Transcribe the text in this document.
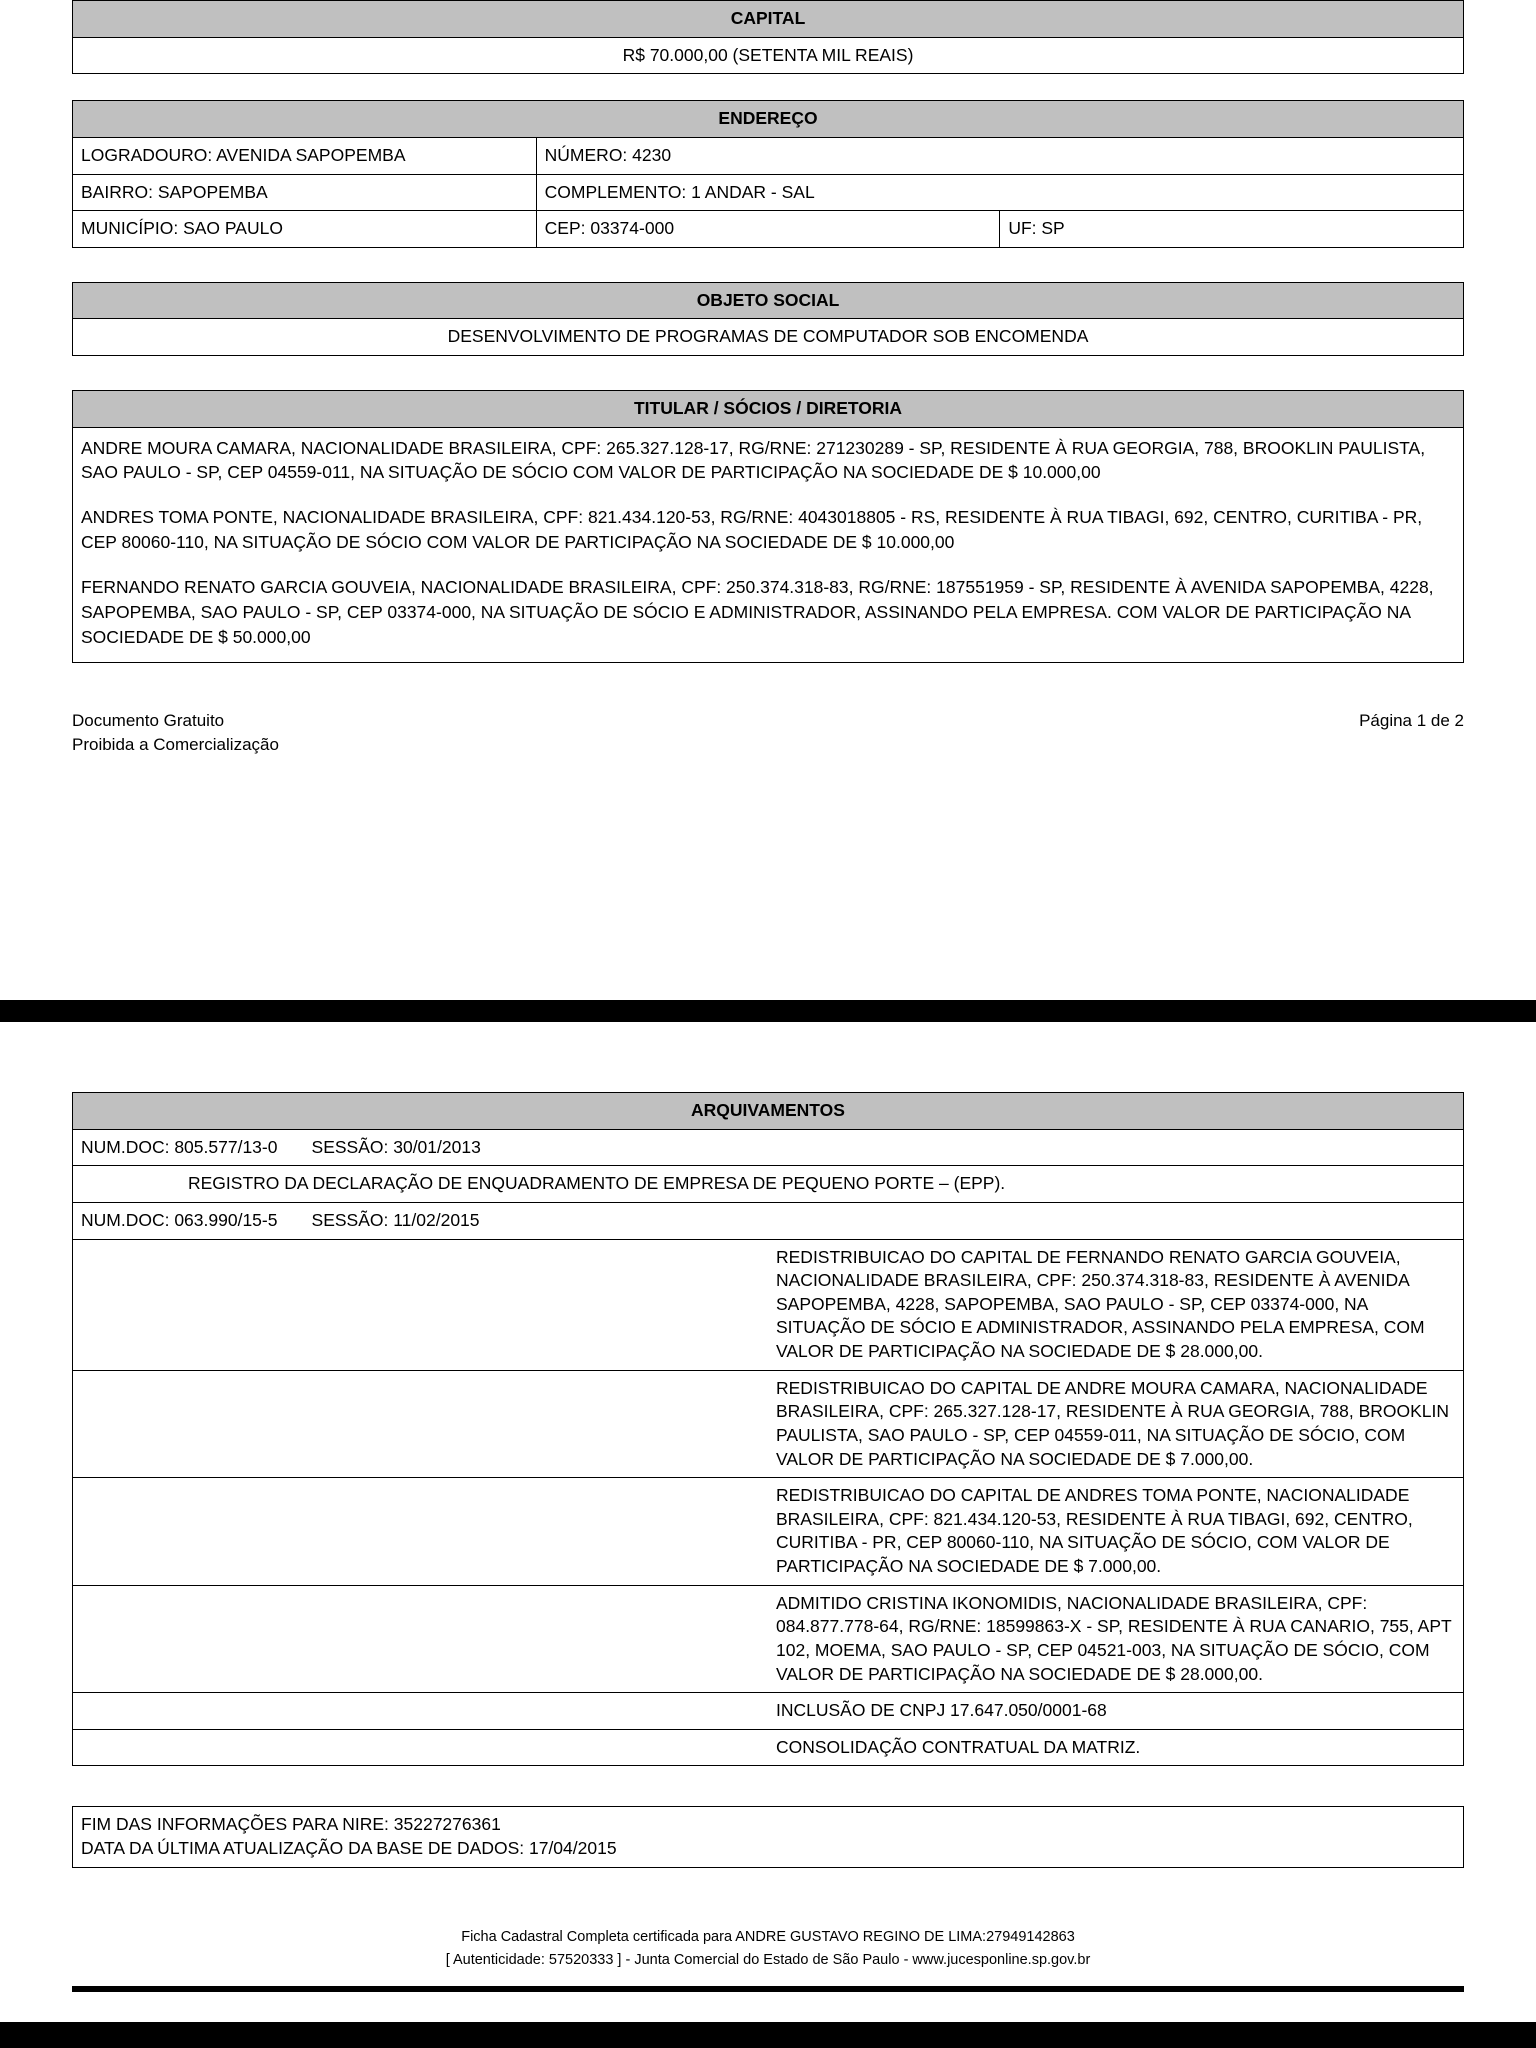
CAPITAL
R$ 70.000,00 (SETENTA MIL REAIS)
ENDEREÇO		
LOGRADOURO: AVENIDA SAPOPEMBA	NÚMERO: 4230	
BAIRRO: SAPOPEMBA	COMPLEMENTO: 1 ANDAR - SAL	
MUNICÍPIO: SAO PAULO	CEP: 03374-000	UF: SP
OBJETO SOCIAL
DESENVOLVIMENTO DE PROGRAMAS DE COMPUTADOR SOB ENCOMENDA
TITULAR / SÓCIOS / DIRETORIA

ANDRE MOURA CAMARA, NACIONALIDADE BRASILEIRA, CPF: 265.327.128-17, RG/RNE: 271230289 - SP, RESIDENTE À RUA GEORGIA, 788, BROOKLIN PAULISTA, SAO PAULO - SP, CEP 04559-011, NA SITUAÇÃO DE SÓCIO COM VALOR DE PARTICIPAÇÃO NA SOCIEDADE DE $ 10.000,00

ANDRES TOMA PONTE, NACIONALIDADE BRASILEIRA, CPF: 821.434.120-53, RG/RNE: 4043018805 - RS, RESIDENTE À RUA TIBAGI, 692, CENTRO, CURITIBA - PR, CEP 80060-110, NA SITUAÇÃO DE SÓCIO COM VALOR DE PARTICIPAÇÃO NA SOCIEDADE DE $ 10.000,00

FERNANDO RENATO GARCIA GOUVEIA, NACIONALIDADE BRASILEIRA, CPF: 250.374.318-83, RG/RNE: 187551959 - SP, RESIDENTE À AVENIDA SAPOPEMBA, 4228, SAPOPEMBA, SAO PAULO - SP, CEP 03374-000, NA SITUAÇÃO DE SÓCIO E ADMINISTRADOR, ASSINANDO PELA EMPRESA. COM VALOR DE PARTICIPAÇÃO NA SOCIEDADE DE $ 50.000,00

Documento Gratuito
Proibida a Comercialização
Página 1 de 2
ARQUIVAMENTOS	
NUM.DOC: 805.577/13-0 SESSÃO: 30/01/2013	
REGISTRO DA DECLARAÇÃO DE ENQUADRAMENTO DE EMPRESA DE PEQUENO PORTE – (EPP).	
NUM.DOC: 063.990/15-5 SESSÃO: 11/02/2015	
	REDISTRIBUICAO DO CAPITAL DE FERNANDO RENATO GARCIA GOUVEIA, NACIONALIDADE BRASILEIRA, CPF: 250.374.318-83, RESIDENTE À AVENIDA SAPOPEMBA, 4228, SAPOPEMBA, SAO PAULO - SP, CEP 03374-000, NA SITUAÇÃO DE SÓCIO E ADMINISTRADOR, ASSINANDO PELA EMPRESA, COM VALOR DE PARTICIPAÇÃO NA SOCIEDADE DE $ 28.000,00.
	REDISTRIBUICAO DO CAPITAL DE ANDRE MOURA CAMARA, NACIONALIDADE BRASILEIRA, CPF: 265.327.128-17, RESIDENTE À RUA GEORGIA, 788, BROOKLIN PAULISTA, SAO PAULO - SP, CEP 04559-011, NA SITUAÇÃO DE SÓCIO, COM VALOR DE PARTICIPAÇÃO NA SOCIEDADE DE $ 7.000,00.
	REDISTRIBUICAO DO CAPITAL DE ANDRES TOMA PONTE, NACIONALIDADE BRASILEIRA, CPF: 821.434.120-53, RESIDENTE À RUA TIBAGI, 692, CENTRO, CURITIBA - PR, CEP 80060-110, NA SITUAÇÃO DE SÓCIO, COM VALOR DE PARTICIPAÇÃO NA SOCIEDADE DE $ 7.000,00.
	ADMITIDO CRISTINA IKONOMIDIS, NACIONALIDADE BRASILEIRA, CPF: 084.877.778-64, RG/RNE: 18599863-X - SP, RESIDENTE À RUA CANARIO, 755, APT 102, MOEMA, SAO PAULO - SP, CEP 04521-003, NA SITUAÇÃO DE SÓCIO, COM VALOR DE PARTICIPAÇÃO NA SOCIEDADE DE $ 28.000,00.
	INCLUSÃO DE CNPJ 17.647.050/0001-68
	CONSOLIDAÇÃO CONTRATUAL DA MATRIZ.
FIM DAS INFORMAÇÕES PARA NIRE: 35227276361
DATA DA ÚLTIMA ATUALIZAÇÃO DA BASE DE DADOS: 17/04/2015
Ficha Cadastral Completa certificada para ANDRE GUSTAVO REGINO DE LIMA:27949142863
[ Autenticidade: 57520333 ] - Junta Comercial do Estado de São Paulo - www.jucesponline.sp.gov.br
